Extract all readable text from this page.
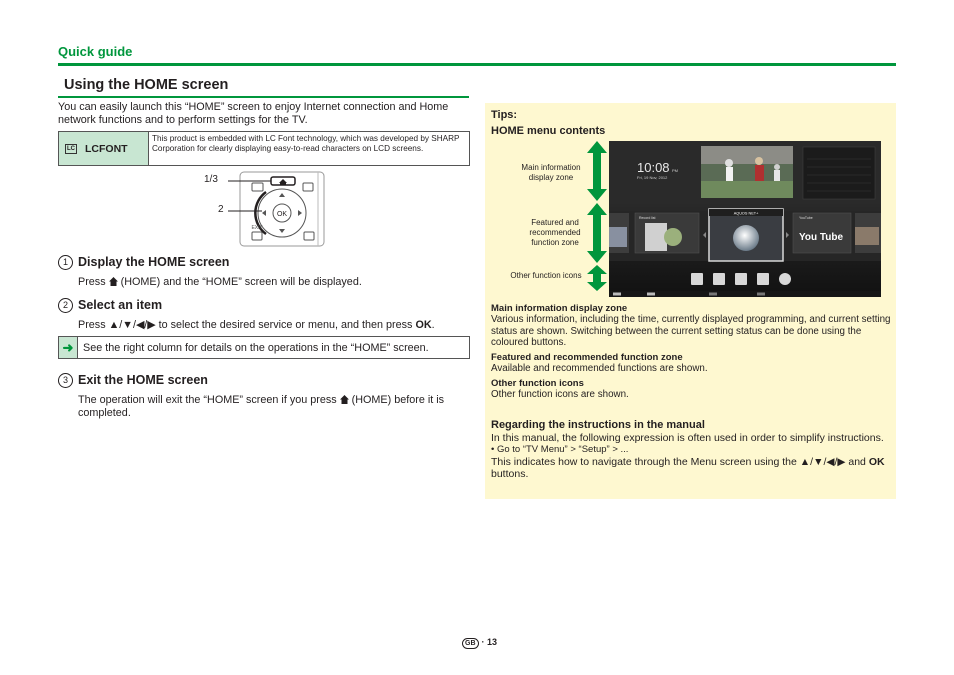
Quick guide
Using the HOME screen
You can easily launch this “HOME” screen to enjoy Internet connection and Home network functions and to perform settings for the TV.
LC LCFONT
This product is embedded with LC Font technology, which was developed by SHARP Corporation for clearly displaying easy-to-read characters on LCD screens.
OK
EXIT
1/3
2
1 Display the HOME screen
Press (HOME) and the “HOME” screen will be displayed.
2 Select an item
Press ▲/▼/◀/▶ to select the desired service or menu, and then press OK.
➜ See the right column for details on the operations in the “HOME” screen.
3 Exit the HOME screen
The operation will exit the “HOME” screen if you press (HOME) before it is completed.
Tips:
HOME menu contents
Main information display zone
Featured and recommended function zone
Other function icons
10:08 PM
Fri, 19 Nov, 2012
Record list
AQUOS NET+
YouTube
You Tube
Main information display zone
Various information, including the time, currently displayed programming, and current setting status are shown. Switching between the current setting status can be done using the coloured buttons.
Featured and recommended function zone
Available and recommended functions are shown.
Other function icons
Other function icons are shown.
Regarding the instructions in the manual
In this manual, the following expression is often used in order to simplify instructions.
• Go to “TV Menu” > “Setup” > ...
This indicates how to navigate through the Menu screen using the ▲/▼/◀/▶ and OK buttons.
GB · 13
